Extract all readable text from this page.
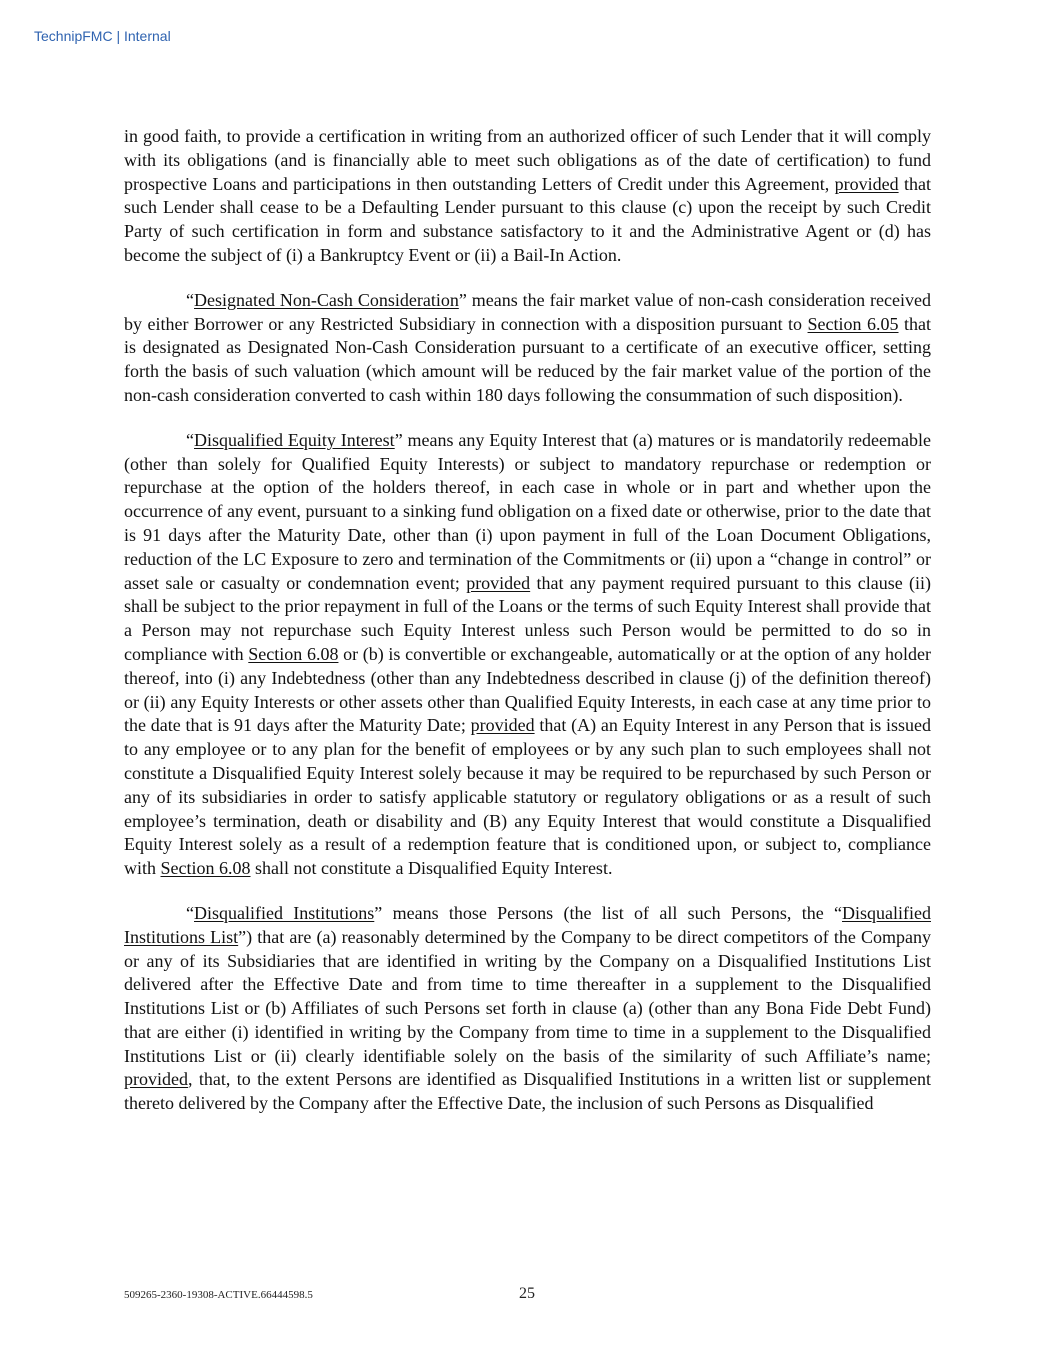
TechnipFMC | Internal

in good faith, to provide a certification in writing from an authorized officer of such Lender that it will comply with its obligations (and is financially able to meet such obligations as of the date of certification) to fund prospective Loans and participations in then outstanding Letters of Credit under this Agreement, provided that such Lender shall cease to be a Defaulting Lender pursuant to this clause (c) upon the receipt by such Credit Party of such certification in form and substance satisfactory to it and the Administrative Agent or (d) has become the subject of (i) a Bankruptcy Event or (ii) a Bail-In Action.

“Designated Non-Cash Consideration” means the fair market value of non-cash consideration received by either Borrower or any Restricted Subsidiary in connection with a disposition pursuant to Section 6.05 that is designated as Designated Non-Cash Consideration pursuant to a certificate of an executive officer, setting forth the basis of such valuation (which amount will be reduced by the fair market value of the portion of the non-cash consideration converted to cash within 180 days following the consummation of such disposition).

“Disqualified Equity Interest” means any Equity Interest that (a) matures or is mandatorily redeemable (other than solely for Qualified Equity Interests) or subject to mandatory repurchase or redemption or repurchase at the option of the holders thereof, in each case in whole or in part and whether upon the occurrence of any event, pursuant to a sinking fund obligation on a fixed date or otherwise, prior to the date that is 91 days after the Maturity Date, other than (i) upon payment in full of the Loan Document Obligations, reduction of the LC Exposure to zero and termination of the Commitments or (ii) upon a “change in control” or asset sale or casualty or condemnation event; provided that any payment required pursuant to this clause (ii) shall be subject to the prior repayment in full of the Loans or the terms of such Equity Interest shall provide that a Person may not repurchase such Equity Interest unless such Person would be permitted to do so in compliance with Section 6.08 or (b) is convertible or exchangeable, automatically or at the option of any holder thereof, into (i) any Indebtedness (other than any Indebtedness described in clause (j) of the definition thereof) or (ii) any Equity Interests or other assets other than Qualified Equity Interests, in each case at any time prior to the date that is 91 days after the Maturity Date; provided that (A) an Equity Interest in any Person that is issued to any employee or to any plan for the benefit of employees or by any such plan to such employees shall not constitute a Disqualified Equity Interest solely because it may be required to be repurchased by such Person or any of its subsidiaries in order to satisfy applicable statutory or regulatory obligations or as a result of such employee’s termination, death or disability and (B) any Equity Interest that would constitute a Disqualified Equity Interest solely as a result of a redemption feature that is conditioned upon, or subject to, compliance with Section 6.08 shall not constitute a Disqualified Equity Interest.

“Disqualified Institutions” means those Persons (the list of all such Persons, the “Disqualified Institutions List”) that are (a) reasonably determined by the Company to be direct competitors of the Company or any of its Subsidiaries that are identified in writing by the Company on a Disqualified Institutions List delivered after the Effective Date and from time to time thereafter in a supplement to the Disqualified Institutions List or (b) Affiliates of such Persons set forth in clause (a) (other than any Bona Fide Debt Fund) that are either (i) identified in writing by the Company from time to time in a supplement to the Disqualified Institutions List or (ii) clearly identifiable solely on the basis of the similarity of such Affiliate’s name; provided, that, to the extent Persons are identified as Disqualified Institutions in a written list or supplement thereto delivered by the Company after the Effective Date, the inclusion of such Persons as Disqualified

509265-2360-19308-ACTIVE.66444598.5	25
